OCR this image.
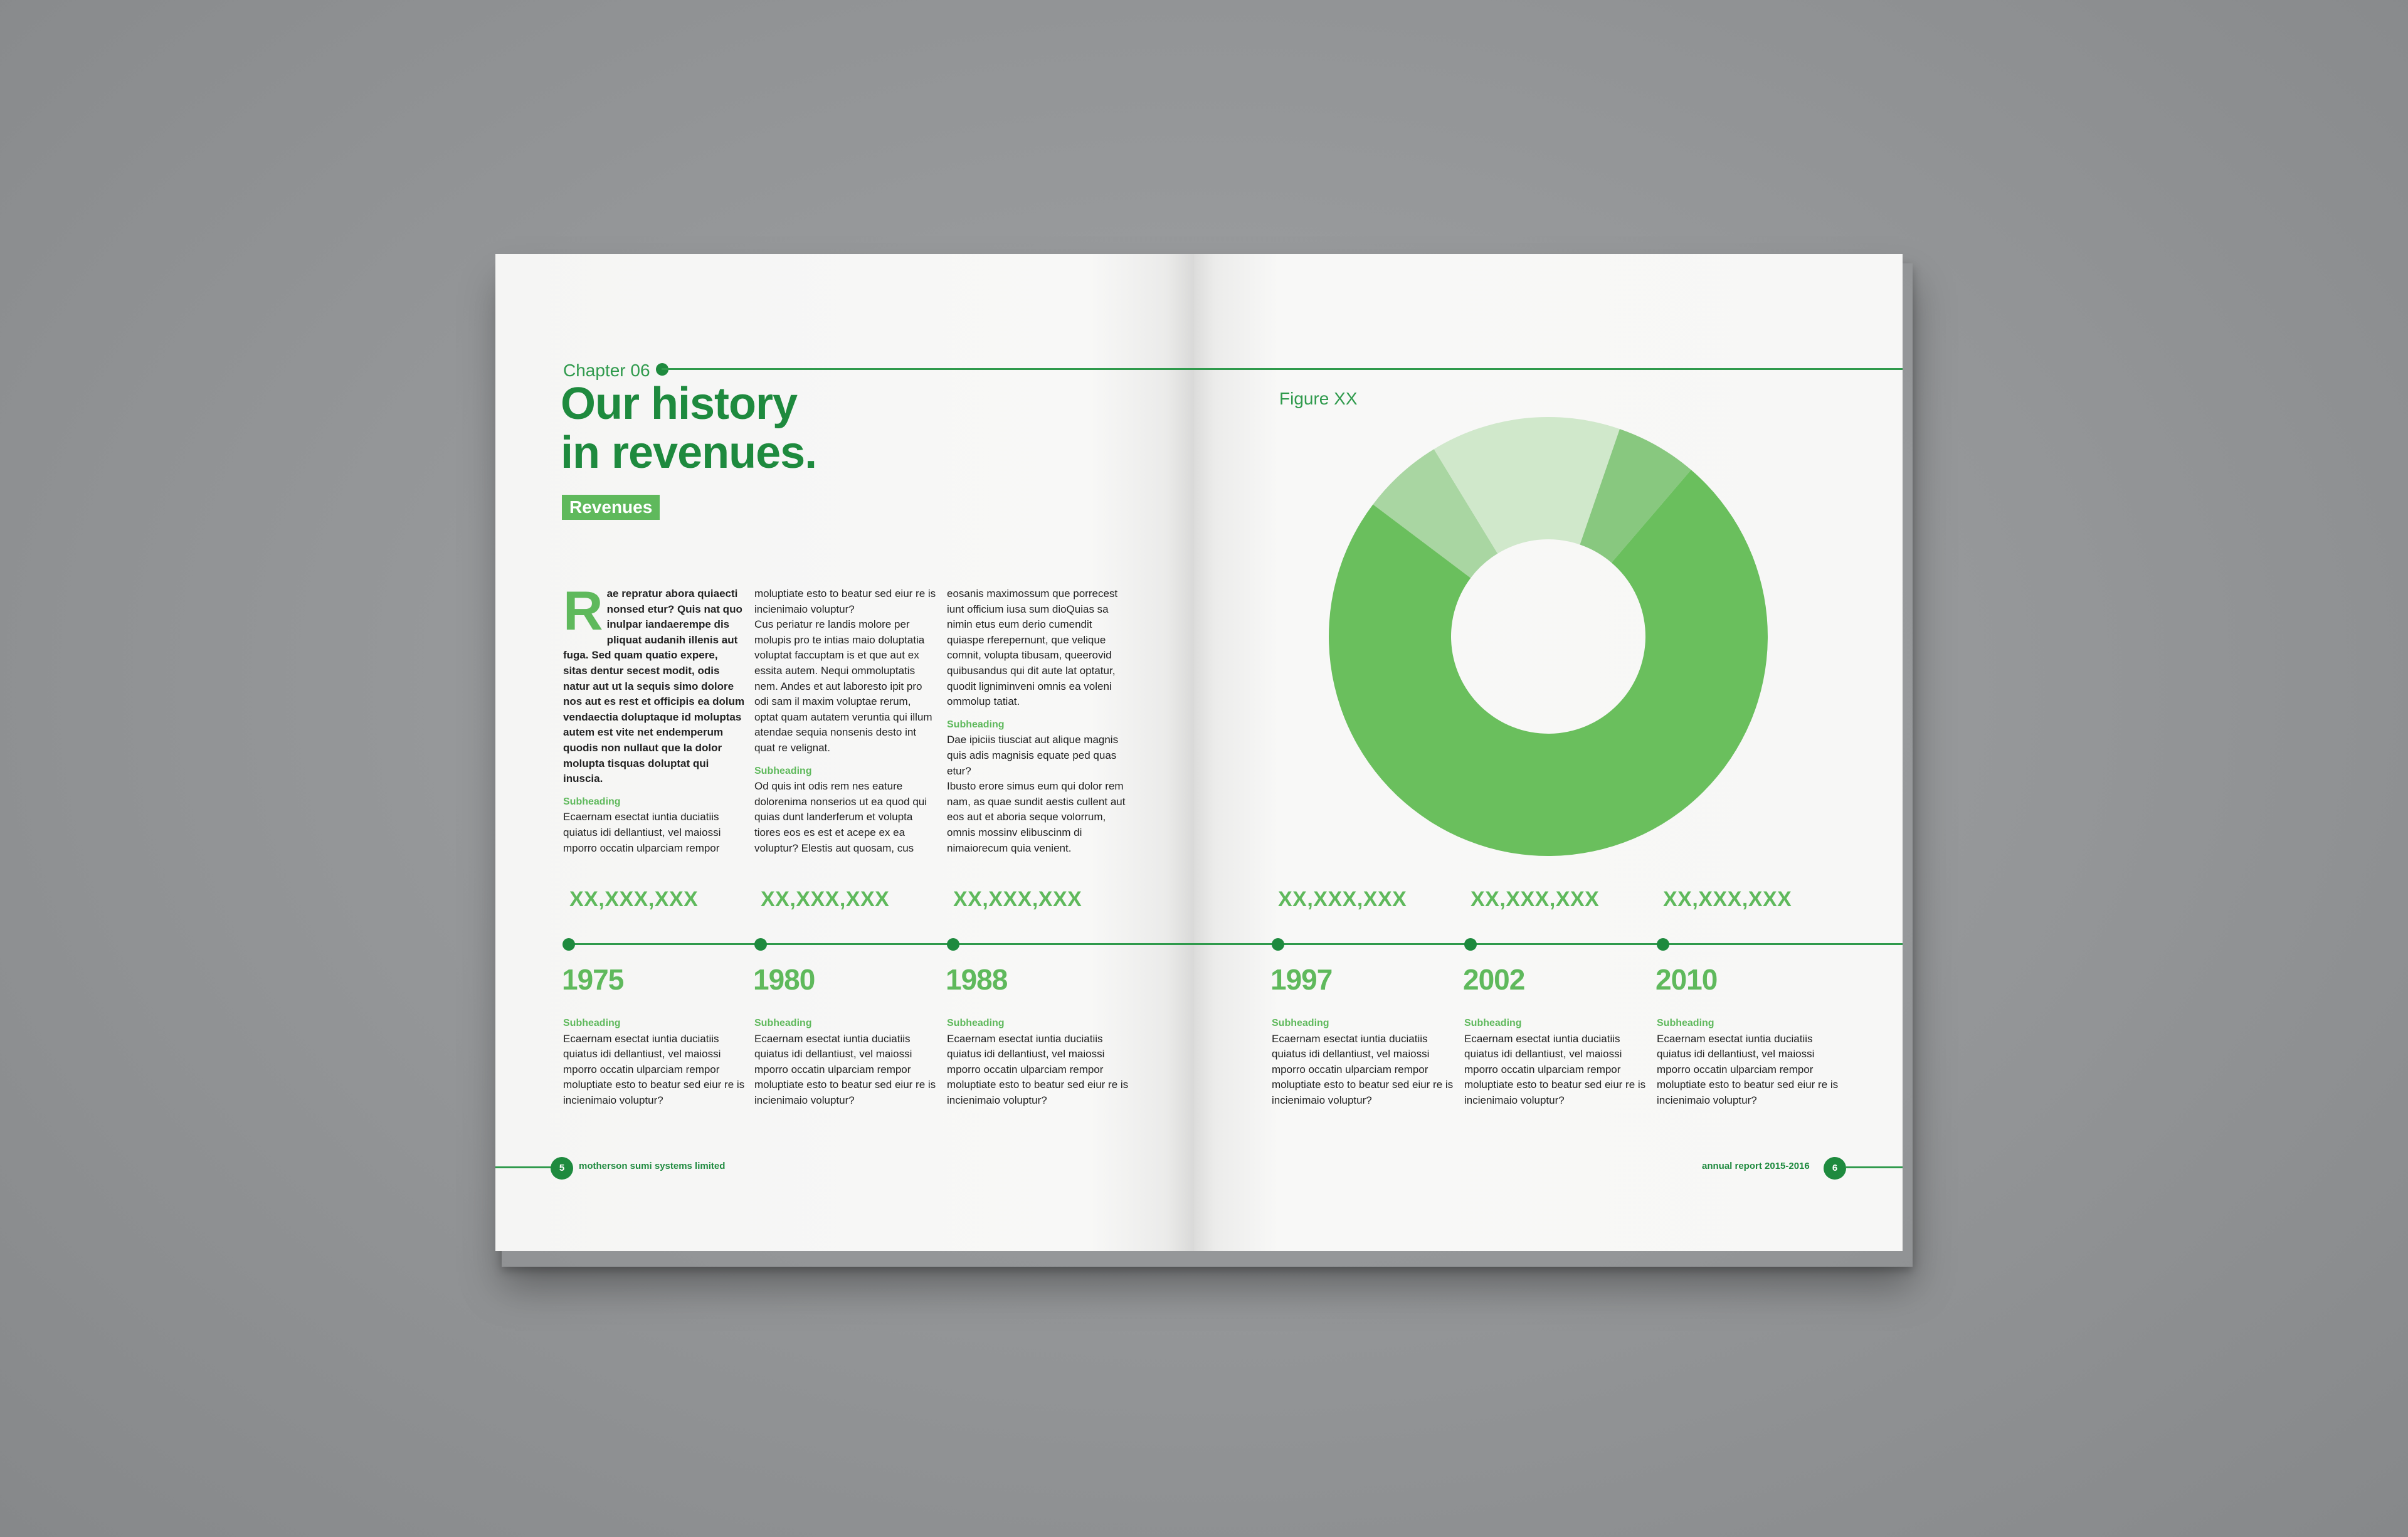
Chapter 06
Our history
in revenues.
Revenues

Rae repratur abora quiaecti nonsed etur? Quis nat quo inulpar iandaerempe dis pliquat audanih illenis aut fuga. Sed quam quatio expere, sitas dentur secest modit, odis natur aut ut la sequis simo dolore nos aut es rest et officipis ea dolum vendaectia doluptaque id moluptas autem est vite net endemperum quodis non nullaut que la dolor molupta tisquas doluptat qui inuscia.

Subheading

Ecaernam esectat iuntia duciatiis quiatus idi dellantiust, vel maiossi mporro occatin ulparciam rempor

moluptiate esto to beatur sed eiur re is incienimaio voluptur?

Cus periatur re landis molore per molupis pro te intias maio doluptatia voluptat faccuptam is et que aut ex essita autem. Nequi ommoluptatis nem. Andes et aut laboresto ipit pro odi sam il maxim voluptae rerum, optat quam autatem veruntia qui illum atendae sequia nonsenis desto int quat re velignat.

Subheading

Od quis int odis rem nes eature dolorenima nonserios ut ea quod qui quias dunt landerferum et volupta tiores eos es est et acepe ex ea voluptur? Elestis aut quosam, cus

eosanis maximossum que porrecest iunt officium iusa sum dioQuias sa nimin etus eum derio cumendit quiaspe rferepernunt, que velique comnit, volupta tibusam, queerovid quibusandus qui dit aute lat optatur, quodit ligniminveni omnis ea voleni ommolup tatiat.

Subheading

Dae ipiciis tiusciat aut alique magnis quis adis magnisis equate ped quas etur?

Ibusto erore simus eum qui dolor rem nam, as quae sundit aestis cullent aut eos aut et aboria seque volorrum, omnis mossinv elibuscinm di nimaiorecum quia venient.

XX,XXX,XXX
1975

Subheading

Ecaernam esectat iuntia duciatiis quiatus idi dellantiust, vel maiossi mporro occatin ulparciam rempor moluptiate esto to beatur sed eiur re is incienimaio voluptur?

XX,XXX,XXX
1980

Subheading

Ecaernam esectat iuntia duciatiis quiatus idi dellantiust, vel maiossi mporro occatin ulparciam rempor moluptiate esto to beatur sed eiur re is incienimaio voluptur?

XX,XXX,XXX
1988

Subheading

Ecaernam esectat iuntia duciatiis quiatus idi dellantiust, vel maiossi mporro occatin ulparciam rempor moluptiate esto to beatur sed eiur re is incienimaio voluptur?

5	motherson sumi systems limited
Figure XX
XX,XXX,XXX
1997

Subheading

Ecaernam esectat iuntia duciatiis quiatus idi dellantiust, vel maiossi mporro occatin ulparciam rempor moluptiate esto to beatur sed eiur re is incienimaio voluptur?

XX,XXX,XXX
2002

Subheading

Ecaernam esectat iuntia duciatiis quiatus idi dellantiust, vel maiossi mporro occatin ulparciam rempor moluptiate esto to beatur sed eiur re is incienimaio voluptur?

XX,XXX,XXX
2010

Subheading

Ecaernam esectat iuntia duciatiis quiatus idi dellantiust, vel maiossi mporro occatin ulparciam rempor moluptiate esto to beatur sed eiur re is incienimaio voluptur?

annual report 2015-2016	6
